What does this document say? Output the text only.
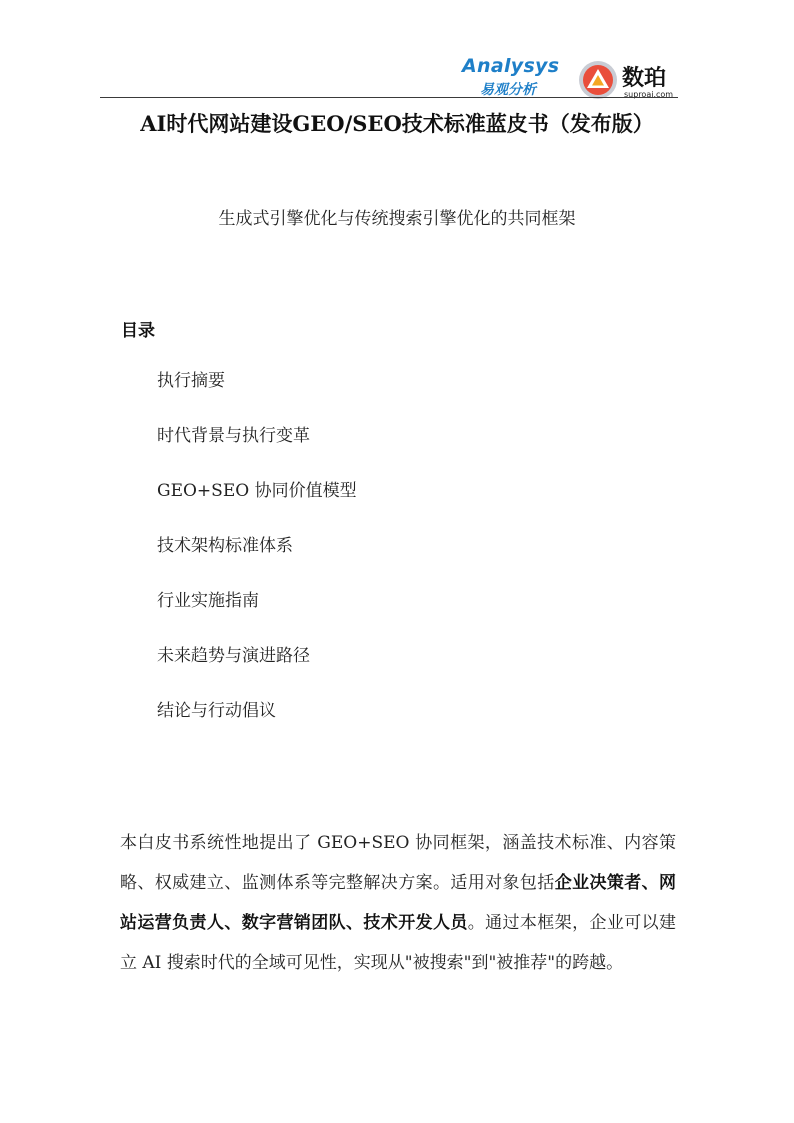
Analysys
易观分析	数珀
suproai.com
AI时代网站建设GEO/SEO技术标准蓝皮书（发布版）
生成式引擎优化与传统搜索引擎优化的共同框架
目录
执行摘要
时代背景与执行变革
GEO+SEO 协同价值模型
技术架构标准体系
行业实施指南
未来趋势与演进路径
结论与行动倡议

本白皮书系统性地提出了 GEO+SEO 协同框架，涵盖技术标准、内容策略、权威建立、监测体系等完整解决方案。适用对象包括企业决策者、网站运营负责人、数字营销团队、技术开发人员。通过本框架，企业可以建立 AI 搜索时代的全域可见性，实现从"被搜索"到"被推荐"的跨越。
